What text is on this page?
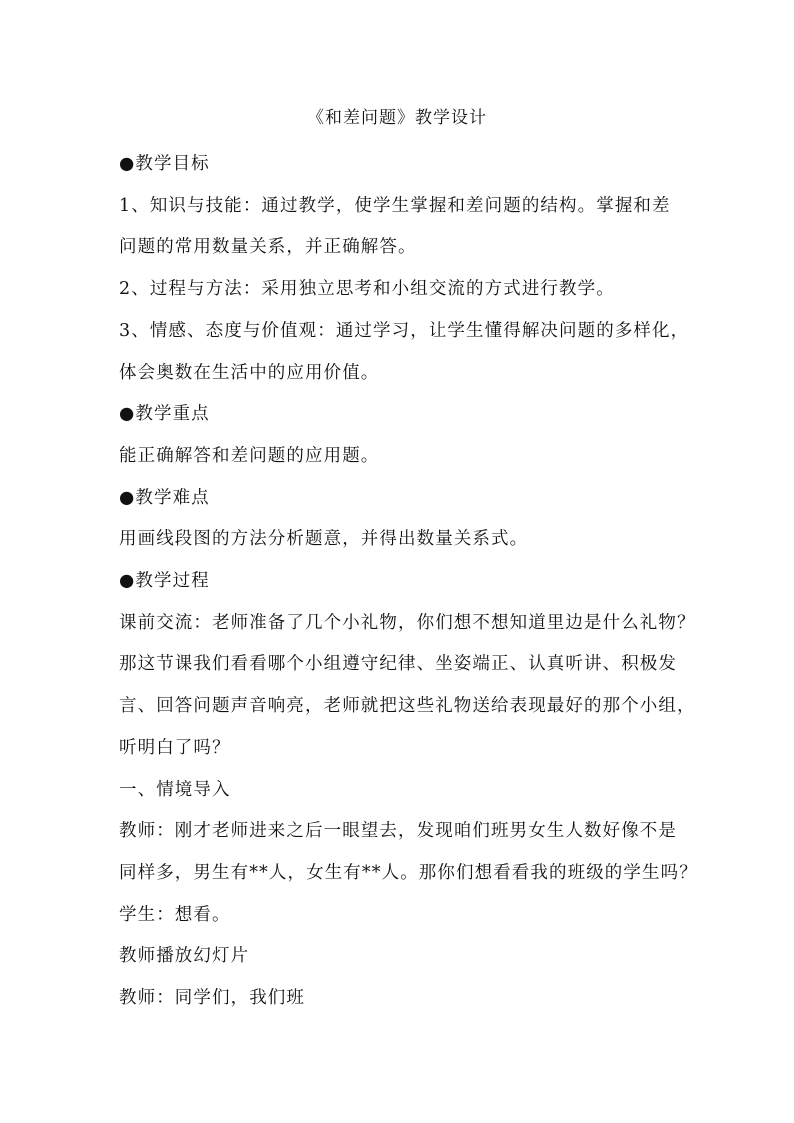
《和差问题》教学设计
●教学目标
1、知识与技能：通过教学，使学生掌握和差问题的结构。掌握和差
问题的常用数量关系，并正确解答。
2、过程与方法：采用独立思考和小组交流的方式进行教学。
3、情感、态度与价值观：通过学习，让学生懂得解决问题的多样化，
体会奥数在生活中的应用价值。
●教学重点
能正确解答和差问题的应用题。
●教学难点
用画线段图的方法分析题意，并得出数量关系式。
●教学过程
课前交流：老师准备了几个小礼物，你们想不想知道里边是什么礼物？
那这节课我们看看哪个小组遵守纪律、坐姿端正、认真听讲、积极发
言、回答问题声音响亮，老师就把这些礼物送给表现最好的那个小组，
听明白了吗？
一、情境导入
教师：刚才老师进来之后一眼望去，发现咱们班男女生人数好像不是
同样多，男生有**人，女生有**人。那你们想看看我的班级的学生吗？
学生：想看。
教师播放幻灯片
教师：同学们，我们班
